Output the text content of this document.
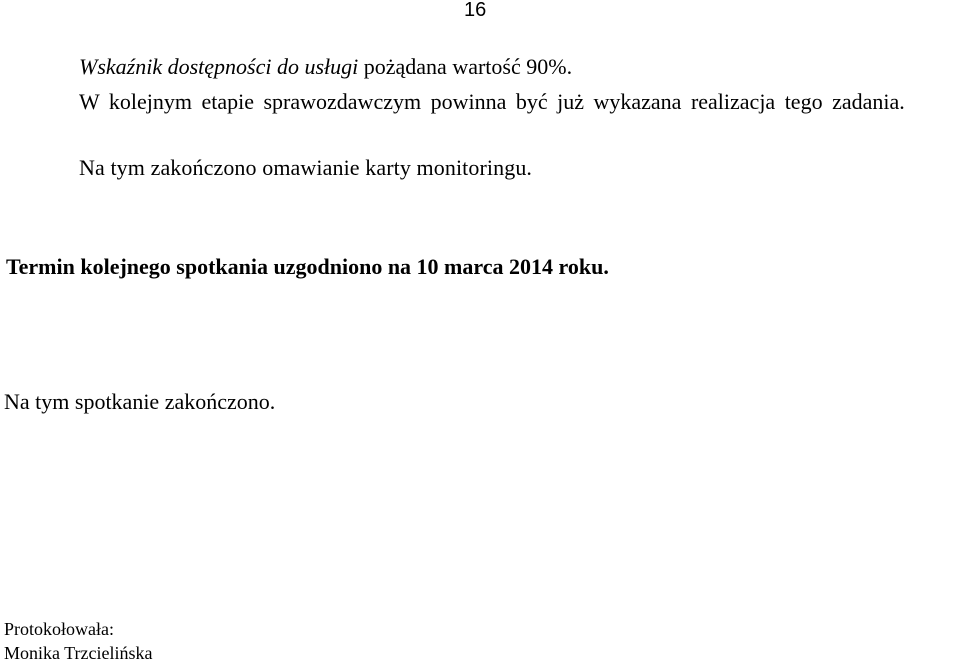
16

Wskaźnik dostępności do usługi pożądana wartość 90%.

W kolejnym etapie sprawozdawczym powinna być już wykazana realizacja tego zadania.

Na tym zakończono omawianie karty monitoringu.

Termin kolejnego spotkania uzgodniono na 10 marca 2014 roku.

Na tym spotkanie zakończono.

Protokołowała:

Monika Trzcielińska
